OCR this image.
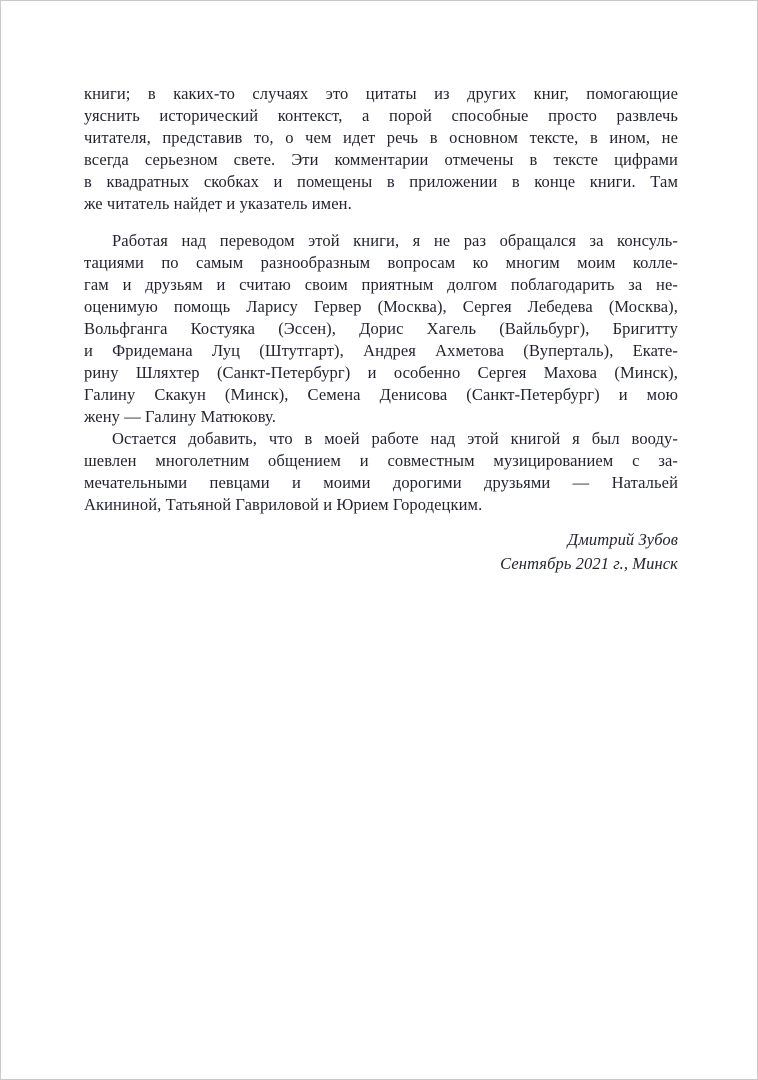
книги; в каких-то случаях это цитаты из других книг, помогающие
уяснить исторический контекст, а порой способные просто развлечь
читателя, представив то, о чем идет речь в основном тексте, в ином, не
всегда серьезном свете. Эти комментарии отмечены в тексте цифрами
в квадратных скобках и помещены в приложении в конце книги. Там
же читатель найдет и указатель имен.
Работая над переводом этой книги, я не раз обращался за консуль-
тациями по самым разнообразным вопросам ко многим моим колле-
гам и друзьям и считаю своим приятным долгом поблагодарить за не-
оценимую помощь Ларису Гервер (Москва), Сергея Лебедева (Москва),
Вольфганга Костуяка (Эссен), Дорис Хагель (Вайльбург), Бригитту
и Фридемана Луц (Штутгарт), Андрея Ахметова (Вуперталь), Екате-
рину Шляхтер (Санкт-Петербург) и особенно Сергея Махова (Минск),
Галину Скакун (Минск), Семена Денисова (Санкт-Петербург) и мою
жену — Галину Матюкову.
Остается добавить, что в моей работе над этой книгой я был вооду-
шевлен многолетним общением и совместным музицированием с за-
мечательными певцами и моими дорогими друзьями — Натальей
Акининой, Татьяной Гавриловой и Юрием Городецким.
Дмитрий Зубов
Сентябрь 2021 г., Минск
